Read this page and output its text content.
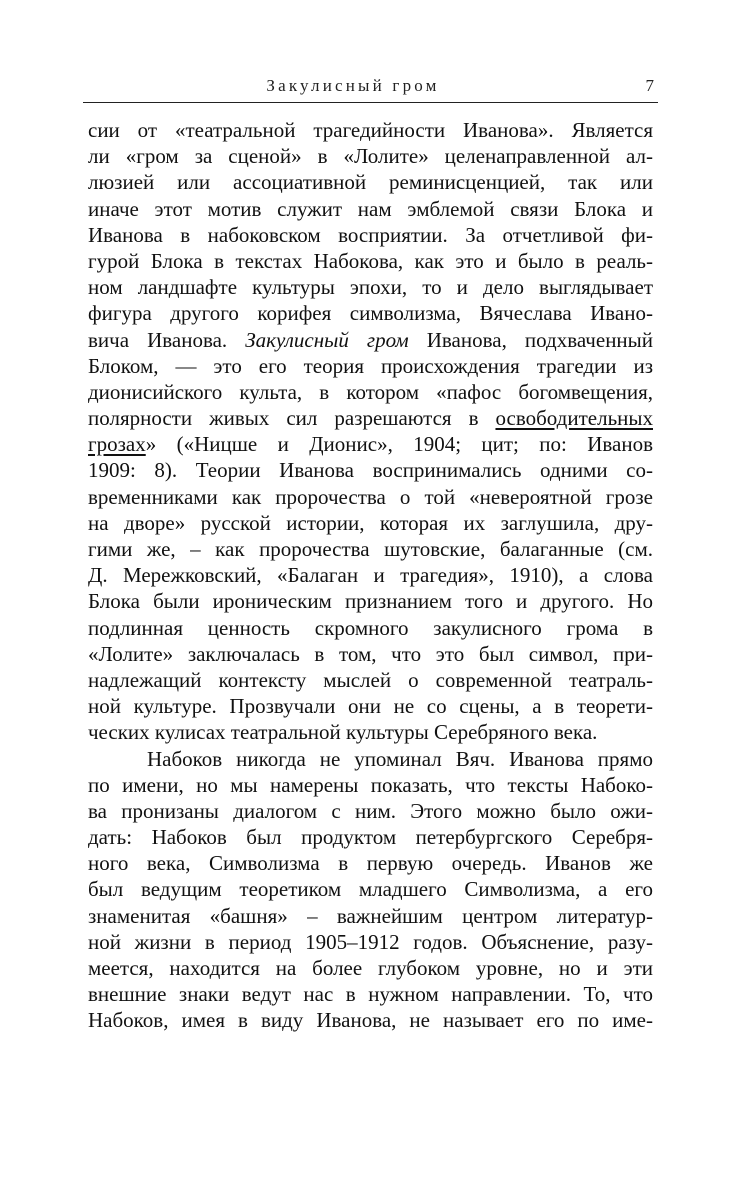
Закулисный гром	7
сии от «театральной трагедийности Иванова». Является
ли «гром за сценой» в «Лолите» целенаправленной ал-
люзией или ассоциативной реминисценцией, так или
иначе этот мотив служит нам эмблемой связи Блока и
Иванова в набоковском восприятии. За отчетливой фи-
гурой Блока в текстах Набокова, как это и было в реаль-
ном ландшафте культуры эпохи, то и дело выглядывает
фигура другого корифея символизма, Вячеслава Ивано-
вича Иванова. Закулисный гром Иванова, подхваченный
Блоком, — это его теория происхождения трагедии из
дионисийского культа, в котором «пафос богомвещения,
полярности живых сил разрешаются в освободительных
грозах» («Ницше и Дионис», 1904; цит; по: Иванов
1909: 8). Теории Иванова воспринимались одними со-
временниками как пророчества о той «невероятной грозе
на дворе» русской истории, которая их заглушила, дру-
гими же, – как пророчества шутовские, балаганные (см.
Д. Мережковский, «Балаган и трагедия», 1910), а слова
Блока были ироническим признанием того и другого. Но
подлинная ценность скромного закулисного грома в
«Лолите» заключалась в том, что это был символ, при-
надлежащий контексту мыслей о современной театраль-
ной культуре. Прозвучали они не со сцены, а в теорети-
ческих кулисах театральной культуры Серебряного века.
Набоков никогда не упоминал Вяч. Иванова прямо
по имени, но мы намерены показать, что тексты Набоко-
ва пронизаны диалогом с ним. Этого можно было ожи-
дать: Набоков был продуктом петербургского Серебря-
ного века, Символизма в первую очередь. Иванов же
был ведущим теоретиком младшего Символизма, а его
знаменитая «башня» – важнейшим центром литератур-
ной жизни в период 1905–1912 годов. Объяснение, разу-
меется, находится на более глубоком уровне, но и эти
внешние знаки ведут нас в нужном направлении. То, что
Набоков, имея в виду Иванова, не называет его по име-
